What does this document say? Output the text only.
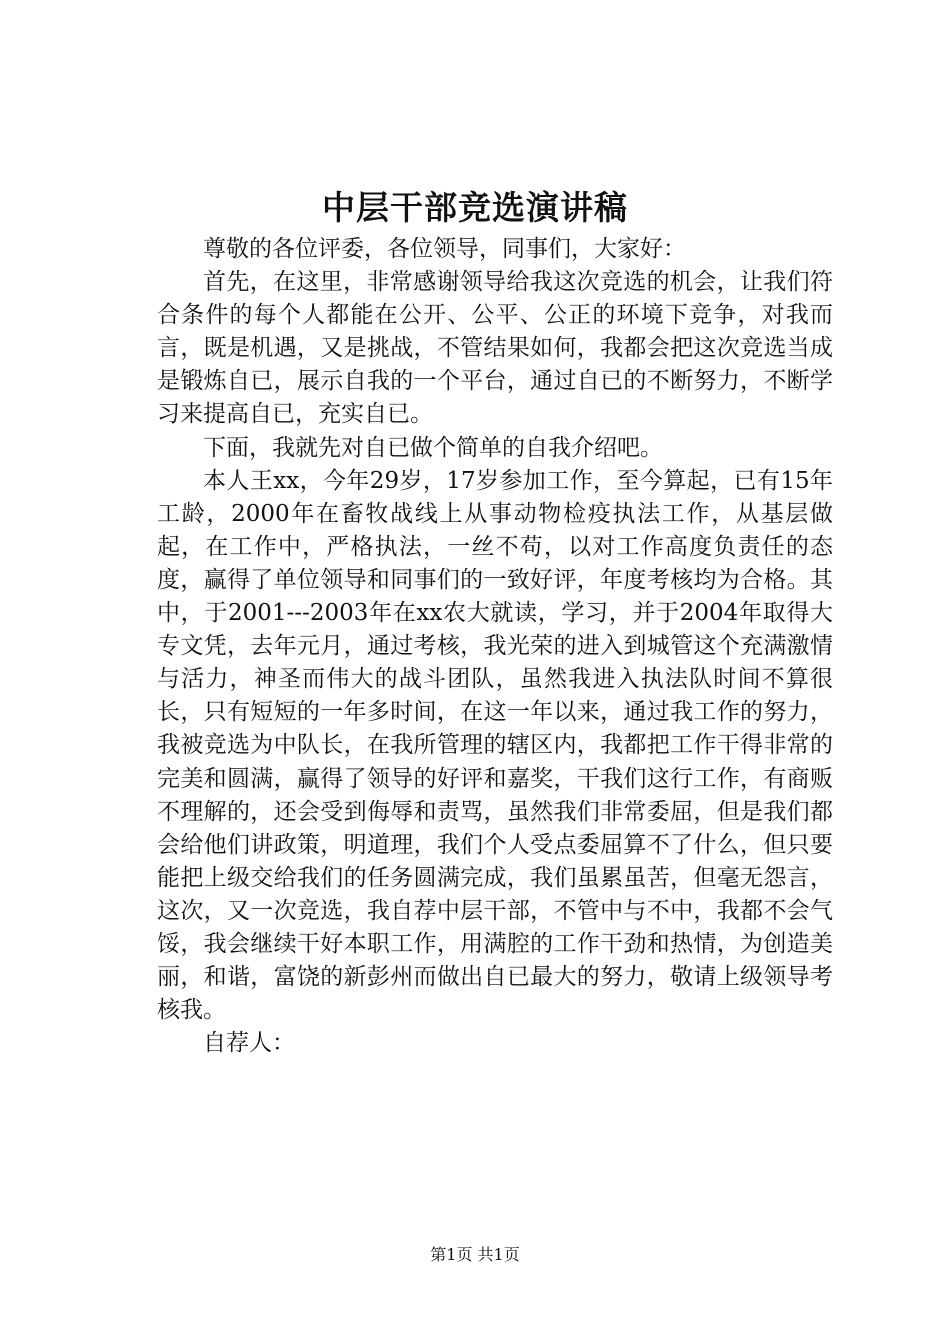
中层干部竞选演讲稿

尊敬的各位评委，各位领导，同事们，大家好：

首先，在这里，非常感谢领导给我这次竞选的机会，让我们符合条件的每个人都能在公开、公平、公正的环境下竞争，对我而言，既是机遇，又是挑战，不管结果如何，我都会把这次竞选当成是锻炼自已，展示自我的一个平台，通过自已的不断努力，不断学习来提高自已，充实自已。

下面，我就先对自已做个简单的自我介绍吧。

本人王xx，今年29岁，17岁参加工作，至今算起，已有15年工龄，2000年在畜牧战线上从事动物检疫执法工作，从基层做起，在工作中，严格执法，一丝不苟，以对工作高度负责任的态度，赢得了单位领导和同事们的一致好评，年度考核均为合格。其中，于2001---2003年在xx农大就读，学习，并于2004年取得大专文凭，去年元月，通过考核，我光荣的进入到城管这个充满激情与活力，神圣而伟大的战斗团队，虽然我进入执法队时间不算很长，只有短短的一年多时间，在这一年以来，通过我工作的努力，我被竞选为中队长，在我所管理的辖区内，我都把工作干得非常的完美和圆满，赢得了领导的好评和嘉奖，干我们这行工作，有商贩不理解的，还会受到侮辱和责骂，虽然我们非常委屈，但是我们都会给他们讲政策，明道理，我们个人受点委屈算不了什么，但只要能把上级交给我们的任务圆满完成，我们虽累虽苦，但毫无怨言，这次，又一次竞选，我自荐中层干部，不管中与不中，我都不会气馁，我会继续干好本职工作，用满腔的工作干劲和热情，为创造美丽，和谐，富饶的新彭州而做出自已最大的努力，敬请上级领导考核我。

自荐人：

第1页 共1页
